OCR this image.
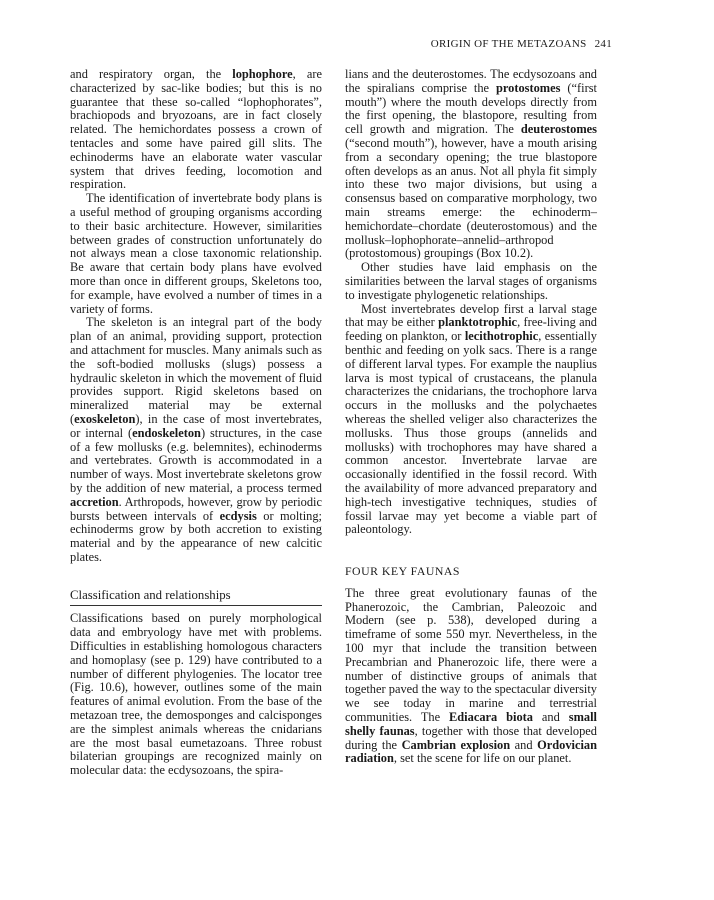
ORIGIN OF THE METAZOANS 241

and respiratory organ, the lophophore, are characterized by sac-like bodies; but this is no guarantee that these so-called “lophophorates”, brachiopods and bryozoans, are in fact closely related. The hemichordates possess a crown of tentacles and some have paired gill slits. The echinoderms have an elaborate water vascular system that drives feeding, locomotion and respiration.

The identification of invertebrate body plans is a useful method of grouping organisms according to their basic architecture. However, similarities between grades of construction unfortunately do not always mean a close taxonomic relationship. Be aware that certain body plans have evolved more than once in different groups, Skeletons too, for example, have evolved a number of times in a variety of forms.

The skeleton is an integral part of the body plan of an animal, providing support, protection and attachment for muscles. Many animals such as the soft-bodied mollusks (slugs) possess a hydraulic skeleton in which the movement of fluid provides support. Rigid skeletons based on mineralized material may be external (exoskeleton), in the case of most invertebrates, or internal (endoskeleton) structures, in the case of a few mollusks (e.g. belemnites), echinoderms and vertebrates. Growth is accommodated in a number of ways. Most invertebrate skeletons grow by the addition of new material, a process termed accretion. Arthropods, however, grow by periodic bursts between intervals of ecdysis or molting; echinoderms grow by both accretion to existing material and by the appearance of new calcitic plates.

Classification and relationships

Classifications based on purely morphological data and embryology have met with problems. Difficulties in establishing homologous characters and homoplasy (see p. 129) have contributed to a number of different phylogenies. The locator tree (Fig. 10.6), however, outlines some of the main features of animal evolution. From the base of the metazoan tree, the demosponges and calcisponges are the simplest animals whereas the cnidarians are the most basal eumetazoans. Three robust bilaterian groupings are recognized mainly on molecular data: the ecdysozoans, the spira-

lians and the deuterostomes. The ecdysozoans and the spiralians comprise the protostomes (“first mouth”) where the mouth develops directly from the first opening, the blastopore, resulting from cell growth and migration. The deuterostomes (“second mouth”), however, have a mouth arising from a secondary opening; the true blastopore often develops as an anus. Not all phyla fit simply into these two major divisions, but using a consensus based on comparative morphology, two main streams emerge: the echinoderm–hemichordate–chordate (deuterostomous) and the mollusk–lophophorate–annelid–arthropod (protostomous) groupings (Box 10.2).

Other studies have laid emphasis on the similarities between the larval stages of organisms to investigate phylogenetic relationships.

Most invertebrates develop first a larval stage that may be either planktotrophic, free-living and feeding on plankton, or lecithotrophic, essentially benthic and feeding on yolk sacs. There is a range of different larval types. For example the nauplius larva is most typical of crustaceans, the planula characterizes the cnidarians, the trochophore larva occurs in the mollusks and the polychaetes whereas the shelled veliger also characterizes the mollusks. Thus those groups (annelids and mollusks) with trochophores may have shared a common ancestor. Invertebrate larvae are occasionally identified in the fossil record. With the availability of more advanced preparatory and high-tech investigative techniques, studies of fossil larvae may yet become a viable part of paleontology.

FOUR KEY FAUNAS

The three great evolutionary faunas of the Phanerozoic, the Cambrian, Paleozoic and Modern (see p. 538), developed during a timeframe of some 550 myr. Nevertheless, in the 100 myr that include the transition between Precambrian and Phanerozoic life, there were a number of distinctive groups of animals that together paved the way to the spectacular diversity we see today in marine and terrestrial communities. The Ediacara biota and small shelly faunas, together with those that developed during the Cambrian explosion and Ordovician radiation, set the scene for life on our planet.
